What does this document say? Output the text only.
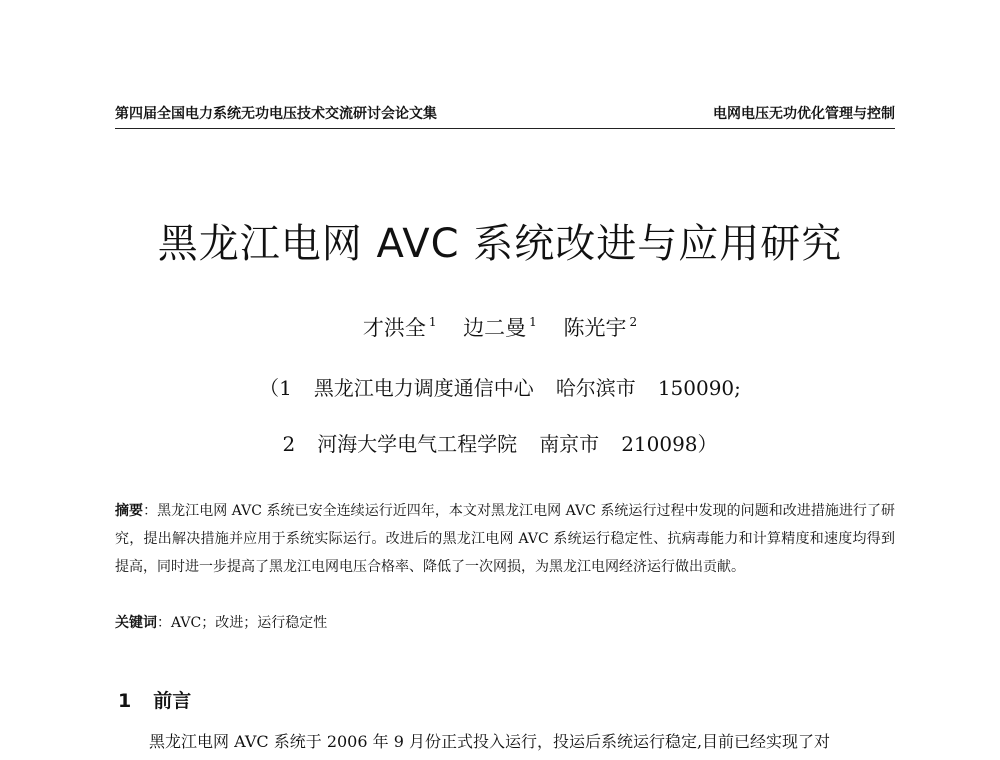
第四届全国电力系统无功电压技术交流研讨会论文集	电网电压无功优化管理与控制
黑龙江电网 AVC 系统改进与应用研究
才洪全 $^1$ 边二曼 $^1$ 陈光宇 $^2$
（1 黑龙江电力调度通信中心 哈尔滨市 150090;
2 河海大学电气工程学院 南京市 210098）
摘要：黑龙江电网 AVC 系统已安全连续运行近四年，本文对黑龙江电网 AVC 系统运行过程中发现的问题和改进措施进行了研究，提出解决措施并应用于系统实际运行。改进后的黑龙江电网 AVC 系统运行稳定性、抗病毒能力和计算精度和速度均得到提高，同时进一步提高了黑龙江电网电压合格率、降低了一次网损，为黑龙江电网经济运行做出贡献。
关键词：AVC；改进；运行稳定性
1 前言
黑龙江电网 AVC 系统于 2006 年 9 月份正式投入运行，投运后系统运行稳定,目前已经实现了对
